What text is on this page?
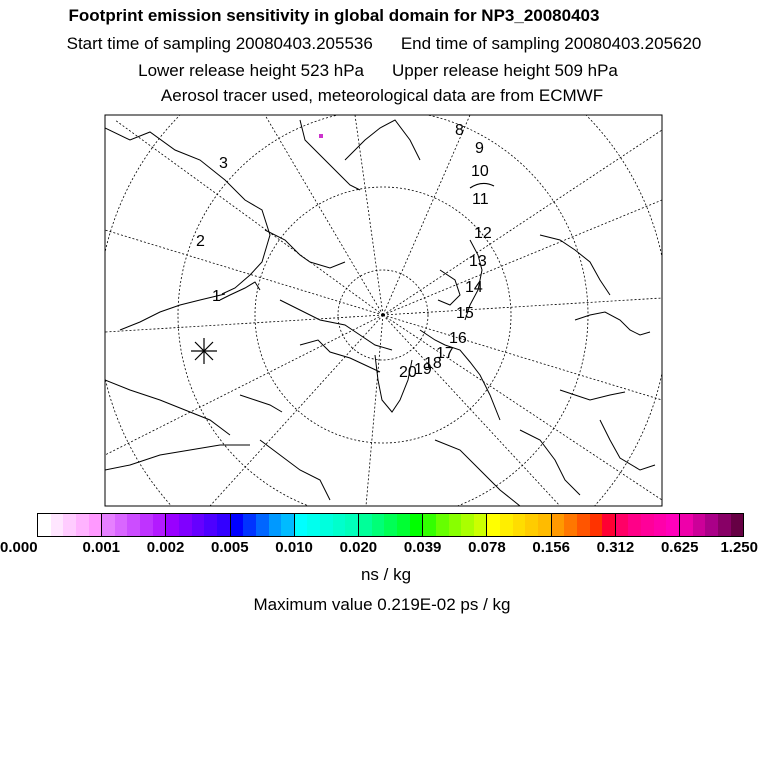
Footprint emission sensitivity in global domain for NP3_20080403
Start time of sampling 20080403.205536 End time of sampling 20080403.205620
Lower release height 523 hPa Upper release height 509 hPa
Aerosol tracer used, meteorological data are from ECMWF
1
2
3
8
9
10
11
12
13
14
15
16
17
18
19
20
0.000	0.001 0.002 0.005 0.010 0.020 0.039 0.078 0.156 0.312 0.625 1.250
ns / kg
Maximum value 0.219E-02 ps / kg
